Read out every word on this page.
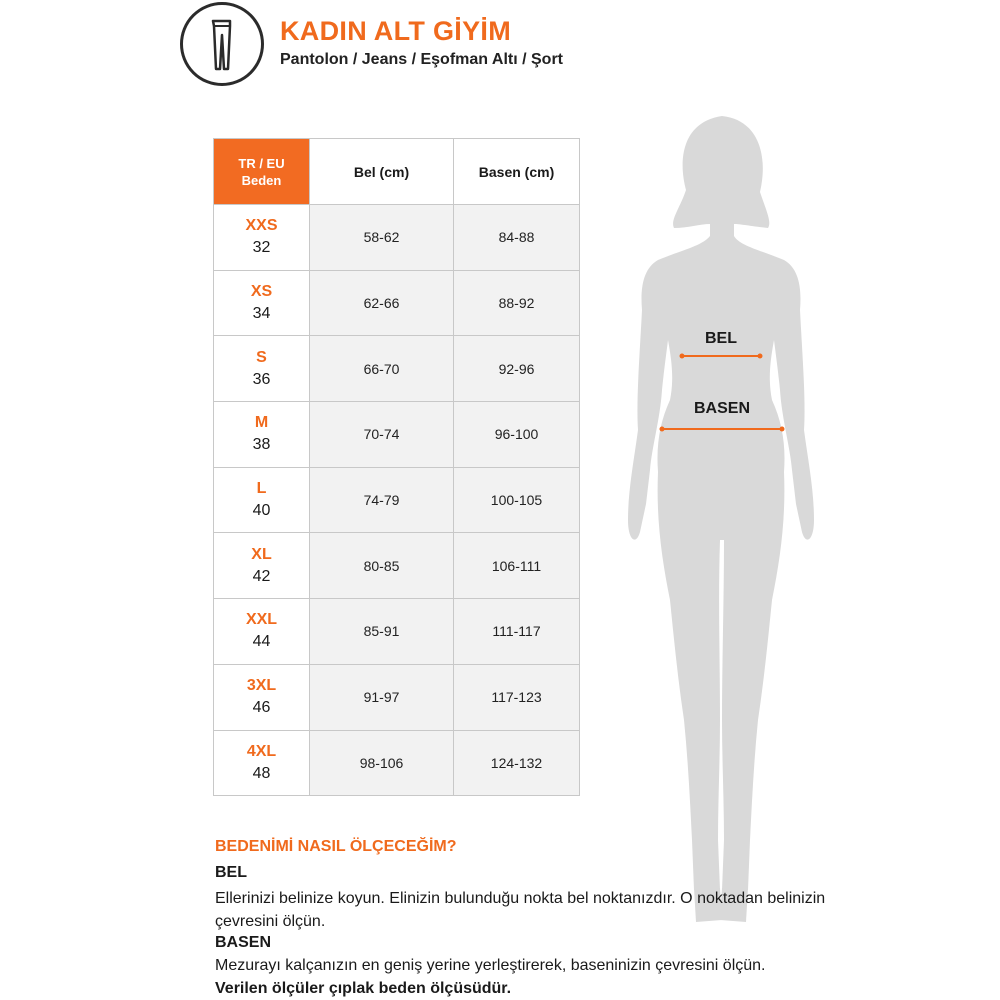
KADIN ALT GİYİM
Pantolon / Jeans / Eşofman Altı / Şort
TR / EU
Beden	Bel (cm)	Basen (cm)

XXS
32	58-62	84-88

XS
34	62-66	88-92

S
36	66-70	92-96

M
38	70-74	96-100

L
40	74-79	100-105

XL
42	80-85	106-111

XXL
44	85-91	111-117

3XL
46	91-97	117-123

4XL
48	98-106	124-132
BEL
BASEN
BEDENİMİ NASIL ÖLÇECEĞİM?
BEL
Ellerinizi belinize koyun. Elinizin bulunduğu nokta bel noktanızdır. O noktadan belinizin
çevresini ölçün.
BASEN
Mezurayı kalçanızın en geniş yerine yerleştirerek, baseninizin çevresini ölçün.
Verilen ölçüler çıplak beden ölçüsüdür.
